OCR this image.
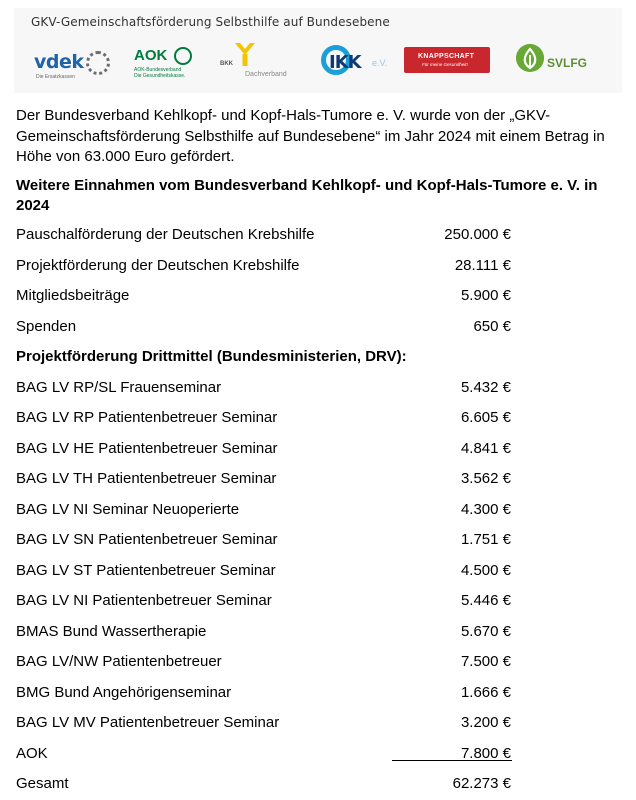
GKV-Gemeinschaftsförderung Selbsthilfe auf Bundesebene
vdek
Die Ersatzkassen
AOK
AOK-Bundesverband
Die Gesundheitskasse.
BKK
Dachverband
IKK e.V.
KNAPPSCHAFT
Für meine Gesundheit!	SVLFG
Der Bundesverband Kehlkopf- und Kopf-Hals-Tumore e. V. wurde von der „GKV-Gemeinschaftsförderung Selbsthilfe auf Bundesebene“ im Jahr 2024 mit einem Betrag in Höhe von 63.000 Euro gefördert.
Weitere Einnahmen vom Bundesverband Kehlkopf- und Kopf-Hals-Tumore e. V. in 2024
Pauschalförderung der Deutschen Krebshilfe	250.000 €
Projektförderung der Deutschen Krebshilfe	28.111 €
Mitgliedsbeiträge	5.900 €
Spenden	650 €
Projektförderung Drittmittel (Bundesministerien, DRV):
BAG LV RP/SL Frauenseminar	5.432 €
BAG LV RP Patientenbetreuer Seminar	6.605 €
BAG LV HE Patientenbetreuer Seminar	4.841 €
BAG LV TH Patientenbetreuer Seminar	3.562 €
BAG LV NI Seminar Neuoperierte	4.300 €
BAG LV SN Patientenbetreuer Seminar	1.751 €
BAG LV ST Patientenbetreuer Seminar	4.500 €
BAG LV NI Patientenbetreuer Seminar	5.446 €
BMAS Bund Wassertherapie	5.670 €
BAG LV/NW Patientenbetreuer	7.500 €
BMG Bund Angehörigenseminar	1.666 €
BAG LV MV Patientenbetreuer Seminar	3.200 €
AOK	7.800 €
Gesamt	62.273 €
